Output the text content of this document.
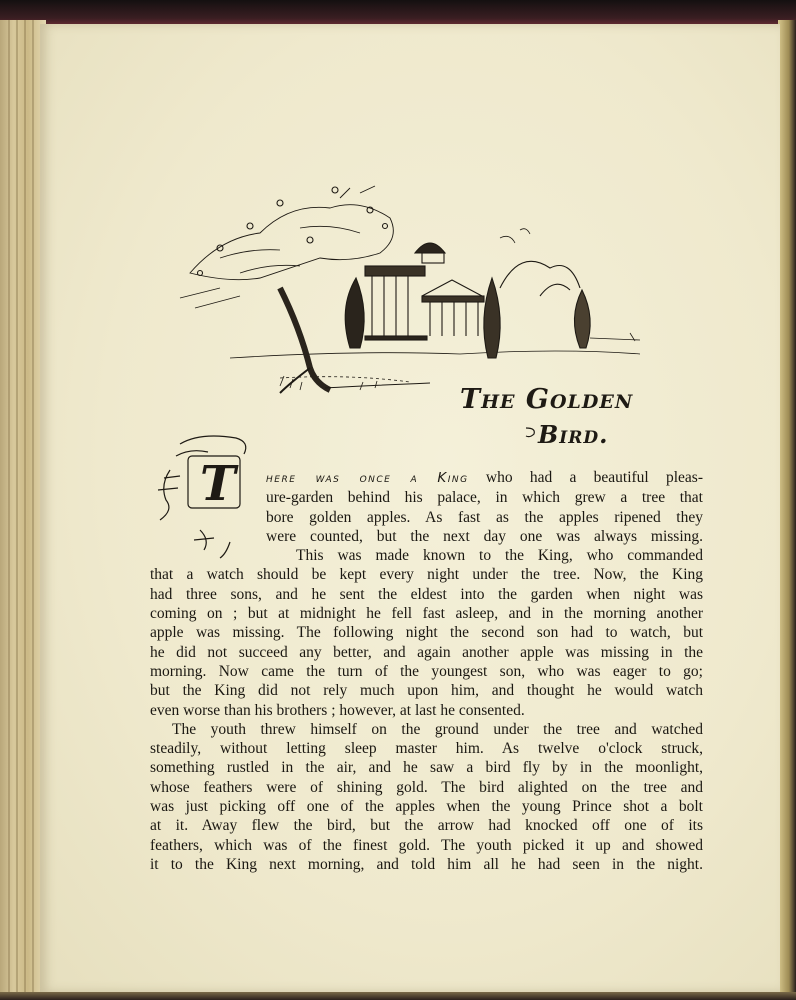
The Golden
Bird.
T here was once a King who had a beautiful pleas-
ure-garden behind his palace, in which grew a tree that
bore golden apples. As fast as the apples ripened they
were counted, but the next day one was always missing.
This was made known to the King, who commanded
that a watch should be kept every night under the tree. Now, the King
had three sons, and he sent the eldest into the garden when night was
coming on ; but at midnight he fell fast asleep, and in the morning another
apple was missing. The following night the second son had to watch, but
he did not succeed any better, and again another apple was missing in the
morning. Now came the turn of the youngest son, who was eager to go;
but the King did not rely much upon him, and thought he would watch
even worse than his brothers ; however, at last he consented.
The youth threw himself on the ground under the tree and watched
steadily, without letting sleep master him. As twelve o'clock struck,
something rustled in the air, and he saw a bird fly by in the moonlight,
whose feathers were of shining gold. The bird alighted on the tree and
was just picking off one of the apples when the young Prince shot a bolt
at it. Away flew the bird, but the arrow had knocked off one of its
feathers, which was of the finest gold. The youth picked it up and showed
it to the King next morning, and told him all he had seen in the night.
